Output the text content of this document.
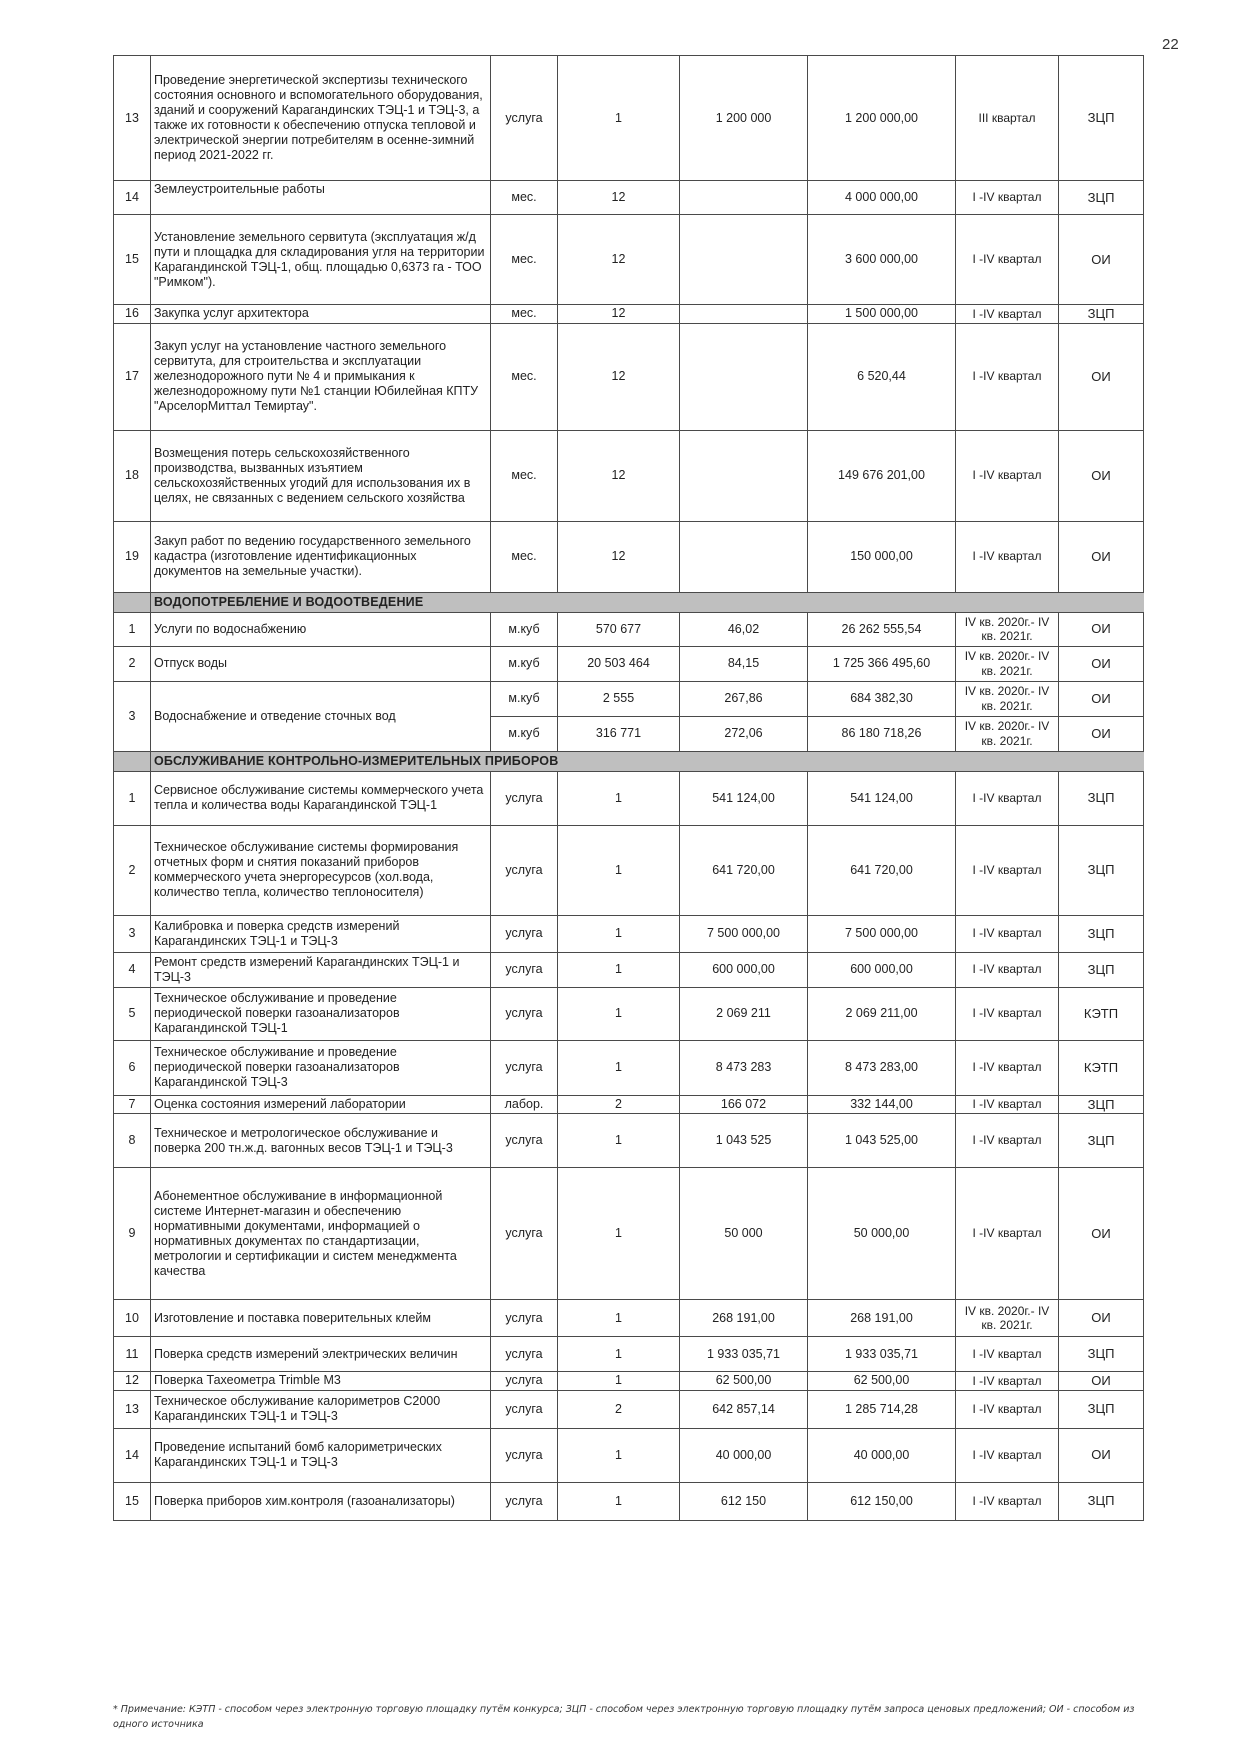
22
13	Проведение энергетической экспертизы технического состояния основного и вспомогательного оборудования, зданий и сооружений Карагандинских ТЭЦ-1 и ТЭЦ-3, а также их готовности к обеспечению отпуска тепловой и электрической энергии потребителям в осенне-зимний период 2021-2022 гг.	услуга	1	1 200 000	1 200 000,00	III квартал	ЗЦП
14	Землеустроительные работы	мес.	12		4 000 000,00	I -IV квартал	ЗЦП
15	Установление земельного сервитута (эксплуатация ж/д пути и площадка для складирования угля на территории Карагандинской ТЭЦ-1, общ. площадью 0,6373 га - ТОО "Римком").	мес.	12		3 600 000,00	I -IV квартал	ОИ
16	Закупка услуг архитектора	мес.	12		1 500 000,00	I -IV квартал	ЗЦП
17	Закуп услуг на установление частного земельного сервитута, для строительства и эксплуатации железнодорожного пути № 4 и примыкания к железнодорожному пути №1 станции Юбилейная КПТУ "АрселорМиттал Темиртау".	мес.	12		6 520,44	I -IV квартал	ОИ
18	Возмещения потерь сельскохозяйственного производства, вызванных изъятием сельскохозяйственных угодий для использования их в целях, не связанных с ведением сельского хозяйства	мес.	12		149 676 201,00	I -IV квартал	ОИ
19	Закуп работ по ведению государственного земельного кадастра (изготовление идентификационных документов на земельные участки).	мес.	12		150 000,00	I -IV квартал	ОИ
	ВОДОПОТРЕБЛЕНИЕ И ВОДООТВЕДЕНИЕ						
1	Услуги по водоснабжению	м.куб	570 677	46,02	26 262 555,54	IV кв. 2020г.- IV кв. 2021г.	ОИ
2	Отпуск воды	м.куб	20 503 464	84,15	1 725 366 495,60	IV кв. 2020г.- IV кв. 2021г.	ОИ
3	Водоснабжение и отведение сточных вод	м.куб	2 555	267,86	684 382,30	IV кв. 2020г.- IV кв. 2021г.	ОИ
		м.куб	316 771	272,06	86 180 718,26	IV кв. 2020г.- IV кв. 2021г.	ОИ
	ОБСЛУЖИВАНИЕ КОНТРОЛЬНО-ИЗМЕРИТЕЛЬНЫХ ПРИБОРОВ						
1	Сервисное обслуживание системы коммерческого учета тепла и количества воды Карагандинской ТЭЦ-1	услуга	1	541 124,00	541 124,00	I -IV квартал	ЗЦП
2	Техническое обслуживание системы формирования отчетных форм и снятия показаний приборов коммерческого учета энергоресурсов (хол.вода, количество тепла, количество теплоносителя)	услуга	1	641 720,00	641 720,00	I -IV квартал	ЗЦП
3	Калибровка и поверка средств измерений Карагандинских ТЭЦ-1 и ТЭЦ-3	услуга	1	7 500 000,00	7 500 000,00	I -IV квартал	ЗЦП
4	Ремонт средств измерений Карагандинских ТЭЦ-1 и ТЭЦ-3	услуга	1	600 000,00	600 000,00	I -IV квартал	ЗЦП
5	Техническое обслуживание и проведение периодической поверки газоанализаторов Карагандинской ТЭЦ-1	услуга	1	2 069 211	2 069 211,00	I -IV квартал	КЭТП
6	Техническое обслуживание и проведение периодической поверки газоанализаторов Карагандинской ТЭЦ-3	услуга	1	8 473 283	8 473 283,00	I -IV квартал	КЭТП
7	Оценка состояния измерений лаборатории	лабор.	2	166 072	332 144,00	I -IV квартал	ЗЦП
8	Техническое и метрологическое обслуживание и поверка 200 тн.ж.д. вагонных весов ТЭЦ-1 и ТЭЦ-3	услуга	1	1 043 525	1 043 525,00	I -IV квартал	ЗЦП
9	Абонементное обслуживание в информационной системе Интернет-магазин и обеспечению нормативными документами, информацией о нормативных документах по стандартизации, метрологии и сертификации и систем менеджмента качества	услуга	1	50 000	50 000,00	I -IV квартал	ОИ
10	Изготовление и поставка поверительных клейм	услуга	1	268 191,00	268 191,00	IV кв. 2020г.- IV кв. 2021г.	ОИ
11	Поверка средств измерений электрических величин	услуга	1	1 933 035,71	1 933 035,71	I -IV квартал	ЗЦП
12	Поверка Тахеометра Trimble M3	услуга	1	62 500,00	62 500,00	I -IV квартал	ОИ
13	Техническое обслуживание калориметров С2000 Карагандинских ТЭЦ-1 и ТЭЦ-3	услуга	2	642 857,14	1 285 714,28	I -IV квартал	ЗЦП
14	Проведение испытаний бомб калориметрических Карагандинских ТЭЦ-1 и ТЭЦ-3	услуга	1	40 000,00	40 000,00	I -IV квартал	ОИ
15	Поверка приборов хим.контроля (газоанализаторы)	услуга	1	612 150	612 150,00	I -IV квартал	ЗЦП
* Примечание: КЭТП - способом через электронную торговую площадку путём конкурса; ЗЦП - способом через электронную торговую площадку путём запроса ценовых предложений; ОИ - способом из одного источника
